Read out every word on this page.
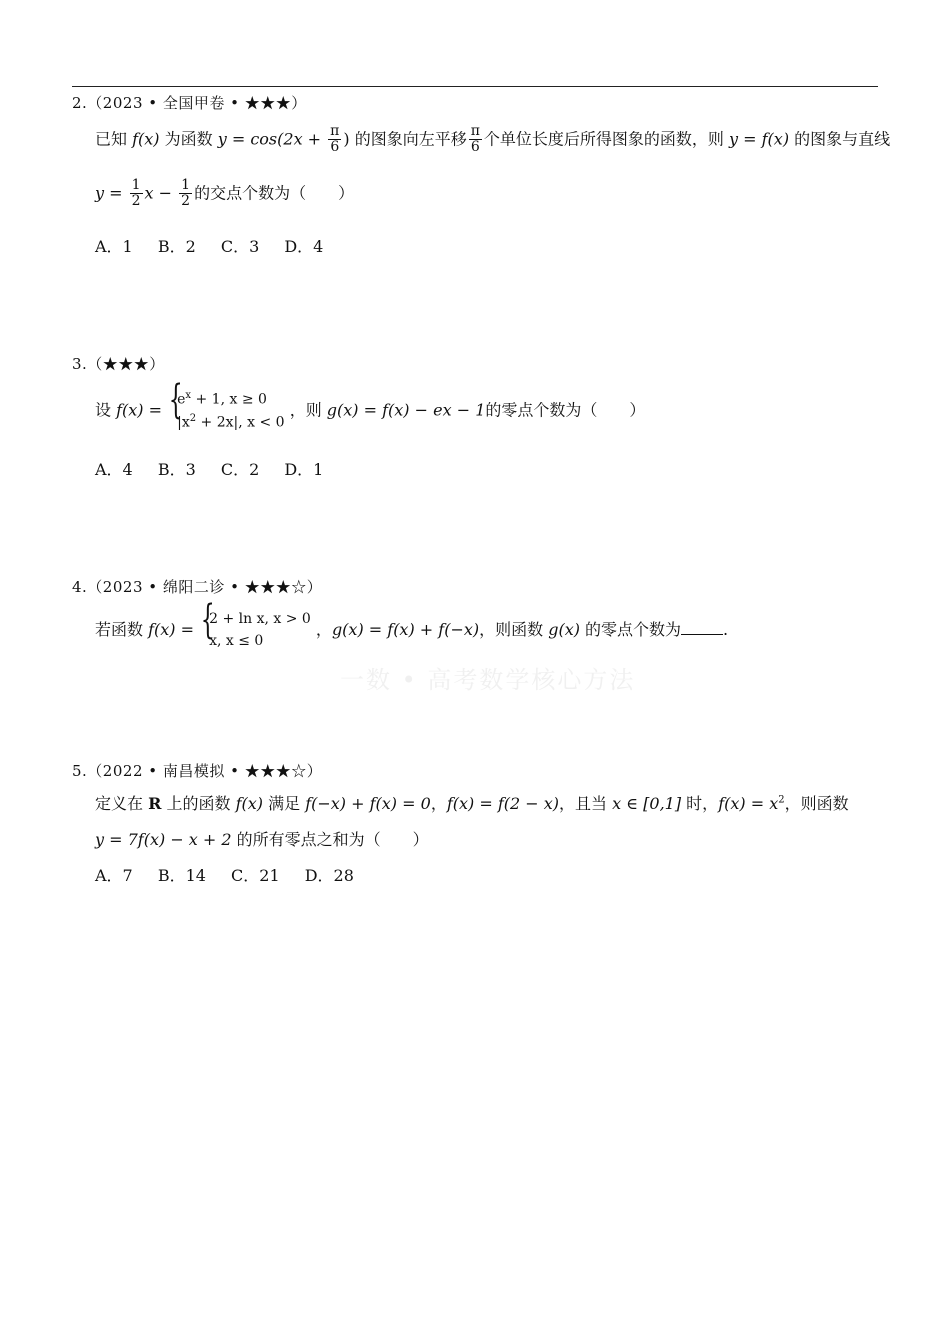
2.（2023 • 全国甲卷 • ★★★）
已知 f(x) 为函数 $y = \cos(2x + \frac{\pi}{6}$ ) 的图象向左平移 $\frac{\pi}{6}$ 个单位长度后所得图象的函数，则 y = f(x) 的图象与直线
$y = \frac{1}{2}$ $x - \frac{1}{2}$ 的交点个数为（　　）
A．1　 B．2　 C．3　 D．4
3.（★★★）
设 f(x) =
{ $e^x + 1$, x ≥ 0
$|x^2 + 2x|$, x < 0
，则 g(x) = f(x) − ex − 1的零点个数为（　　）
A．4　 B．3　 C．2　 D．1
4.（2023 • 绵阳二诊 • ★★★☆）
若函数 f(x) =
{ 2 + ln x, x > 0
x, x ≤ 0
，g(x) = f(x) + f(−x)，则函数 g(x) 的零点个数为	.
一数 • 高考数学核心方法
5.（2022 • 南昌模拟 • ★★★☆）
定义在 R 上的函数 f(x) 满足 f(−x) + f(x) = 0，f(x) = f(2 − x)，且当 x ∈ [0,1] 时，$f(x) = x^2$，则函数
y = 7f(x) − x + 2 的所有零点之和为（　　）
A．7　 B．14　 C．21　 D．28
